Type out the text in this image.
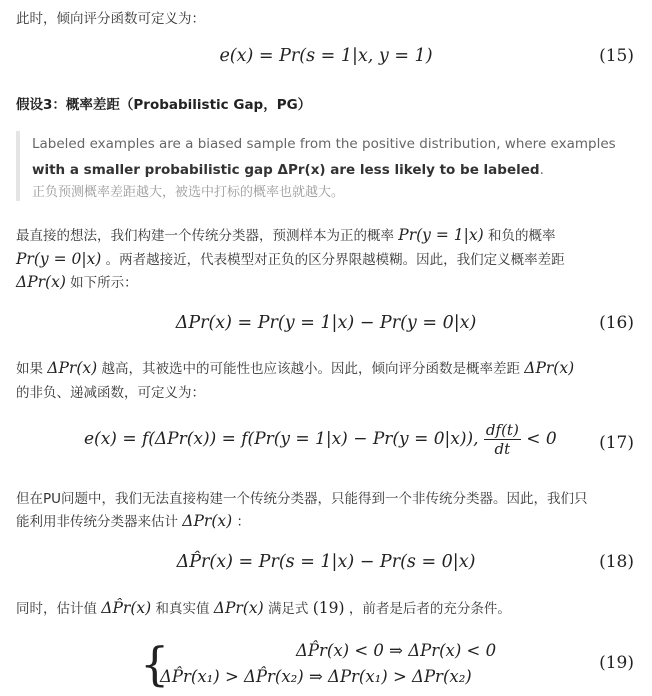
此时，倾向评分函数可定义为：
e(x) = Pr(s = 1|x, y = 1)	(15)
假设3：概率差距（Probabilistic Gap，PG）
Labeled examples are a biased sample from the positive distribution, where examples
with a smaller probabilistic gap ΔPr(x) are less likely to be labeled.
正负预测概率差距越大，被选中打标的概率也就越大。
最直接的想法，我们构建一个传统分类器，预测样本为正的概率 Pr(y = 1|x) 和负的概率
Pr(y = 0|x) 。两者越接近，代表模型对正负的区分界限越模糊。因此，我们定义概率差距
ΔPr(x) 如下所示：
ΔPr(x) = Pr(y = 1|x) − Pr(y = 0|x)	(16)
如果 ΔPr(x) 越高，其被选中的可能性也应该越小。因此，倾向评分函数是概率差距 ΔPr(x)
的非负、递减函数，可定义为：
e(x) = f(ΔPr(x)) = f(Pr(y = 1|x) − Pr(y = 0|x)), $\frac{df(t)}{dt} < 0$ (17)
但在PU问题中，我们无法直接构建一个传统分类器，只能得到一个非传统分类器。因此，我们只
能利用非传统分类器来估计 ΔPr(x) ：
ΔP̂r(x) = Pr(s = 1|x) − Pr(s = 0|x)	(18)
同时，估计值 ΔP̂r(x) 和真实值 ΔPr(x) 满足式 (19) ，前者是后者的充分条件。
{	ΔP̂r(x) < 0 ⇒ ΔPr(x) < 0
ΔP̂r(x₁) > ΔP̂r(x₂) ⇒ ΔPr(x₁) > ΔPr(x₂)
(19)
